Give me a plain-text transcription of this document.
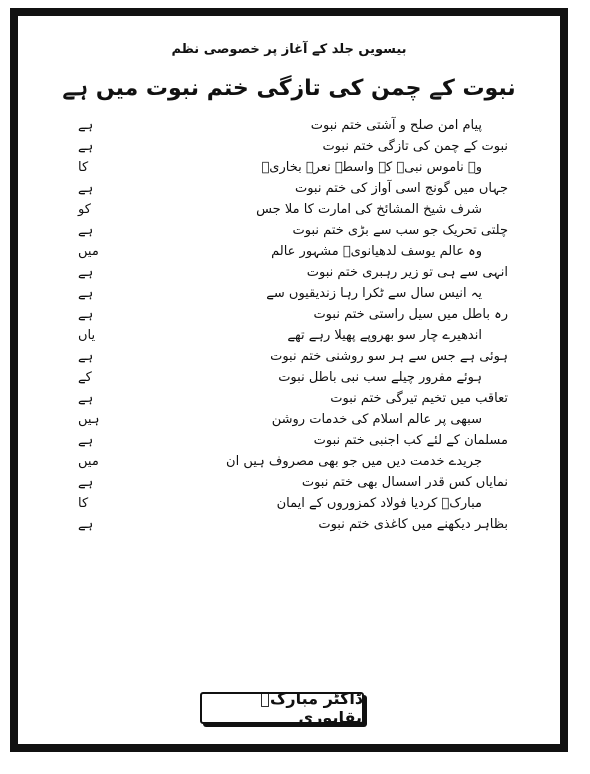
بیسویں جلد کے آغاز پر خصوصی نظم
نبوت کے چمن کی تازگی ختم نبوت میں ہے
پیام امن صلح و آشتی ختم نبوت
ہے
نبوت کے چمن کی تازگی ختم نبوت
ہے
وہ ناموس نبیؐ کے واسطے نعرہ بخاریؒ
کا
جہاں میں گونج اسی آواز کی ختم نبوت
ہے
شرف شیخ المشائخ کی امارت کا ملا جس
کو
چلتی تحریک جو سب سے بڑی ختم نبوت
ہے
وہ عالم یوسف لدھیانویؒ مشہور عالم
میں
انہی سے ہی تو زیر رہبری ختم نبوت
ہے
یہ انیس سال سے ٹکرا رہا زندیقیوں سے
ہے
رہ باطل میں سیل راستی ختم نبوت
ہے
اندھیرے چار سو بھروپے پھیلا رہے تھے
یاں
ہوئی ہے جس سے ہر سو روشنی ختم نبوت
ہے
ہوئے مفرور چیلے سب نبی باطل نبوت
کے
تعاقب میں تخیم تیرگی ختم نبوت
ہے
سبھی پر عالم اسلام کی خدمات روشن
ہیں
مسلمان کے لئے کب اجنبی ختم نبوت
ہے
جریدے خدمت دیں میں جو بھی مصروف ہیں ان
میں
نمایاں کس قدر اسسال بھی ختم نبوت
ہے
مبارکؔ کردیا فولاد کمزوروں کے ایمان
کا
بظاہر دیکھنے میں کاغذی ختم نبوت
ہے
ڈاکٹر مبارکؔ بقاپوری
